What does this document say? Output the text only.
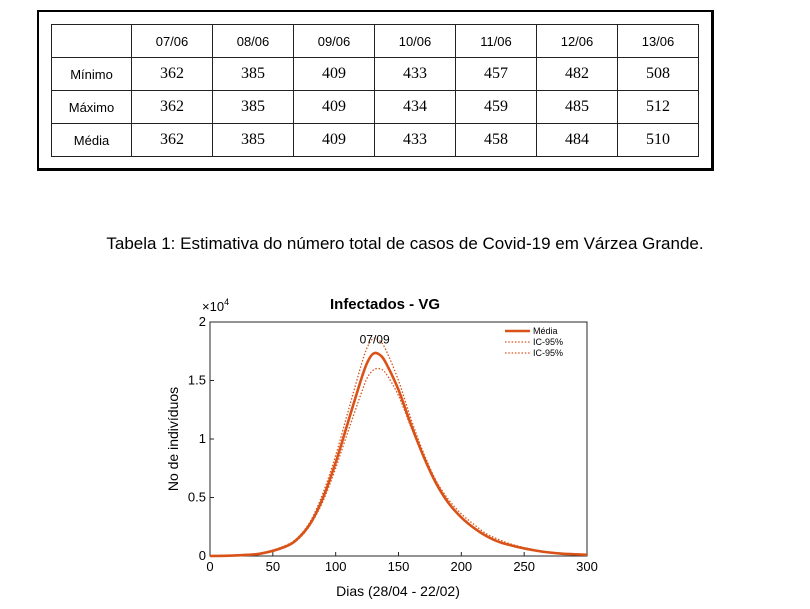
	07/06	08/06	09/06	10/06	11/06	12/06	13/06
Mínimo	362	385	409	433	457	482	508
Máximo	362	385	409	434	459	485	512
Média	362	385	409	433	458	484	510
Tabela 1: Estimativa do número total de casos de Covid-19 em Várzea Grande.
Infectados - VG
$\times 10^4$
0	50	100	150	200	250	300
0
0.5
1
1.5
2
07/09
Média
IC-95%
IC-95%
Dias (28/04 - 22/02)
No de indivíduos
